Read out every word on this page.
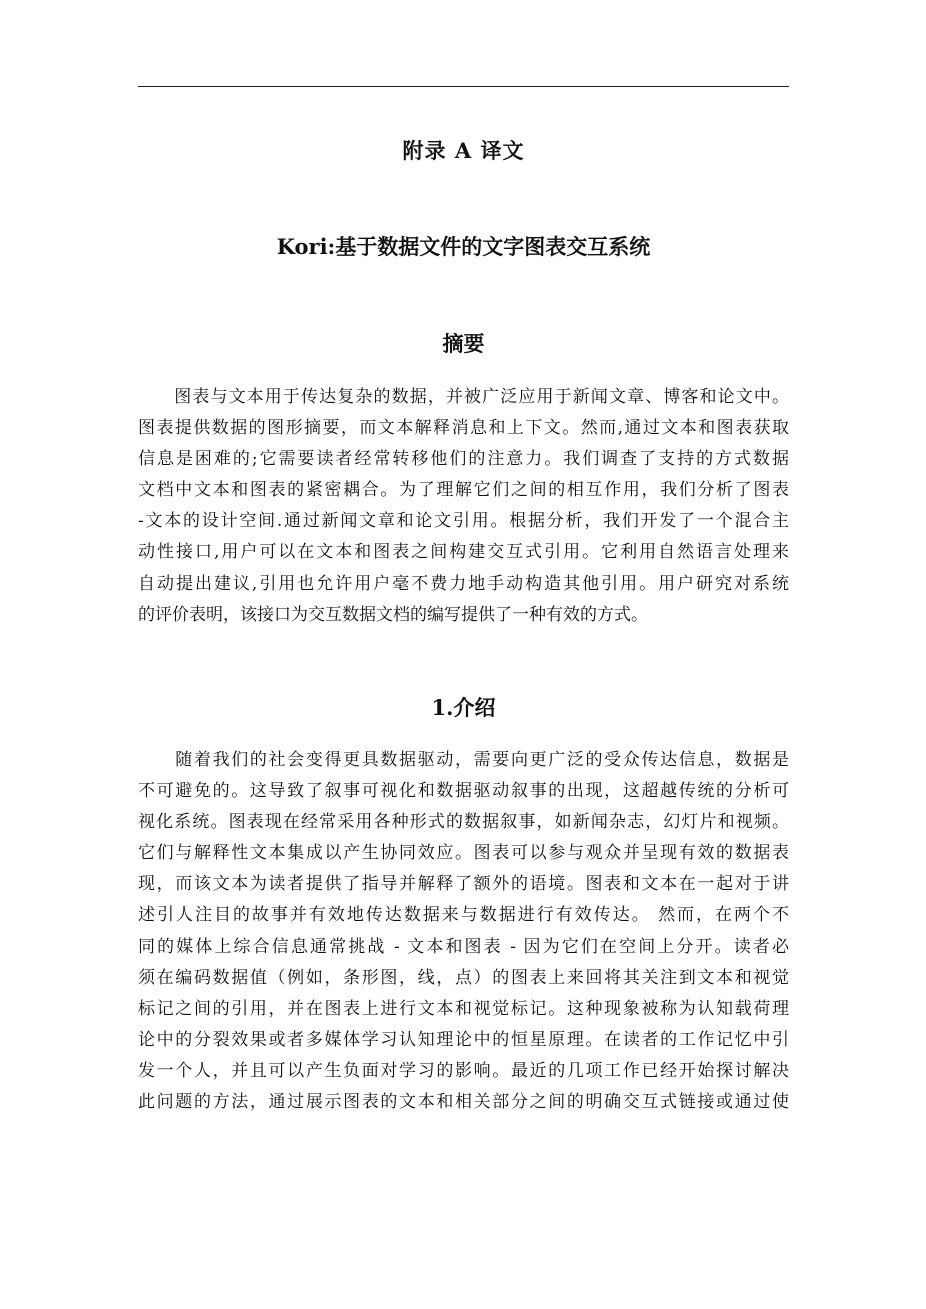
附录 A 译文
Kori:基于数据文件的文字图表交互系统
摘要
　　图表与文本用于传达复杂的数据，并被广泛应用于新闻文章、博客和论文中。
图表提供数据的图形摘要，而文本解释消息和上下文。然而,通过文本和图表获取
信息是困难的;它需要读者经常转移他们的注意力。我们调查了支持的方式数据
文档中文本和图表的紧密耦合。为了理解它们之间的相互作用，我们分析了图表
-文本的设计空间.通过新闻文章和论文引用。根据分析，我们开发了一个混合主
动性接口,用户可以在文本和图表之间构建交互式引用。它利用自然语言处理来
自动提出建议,引用也允许用户毫不费力地手动构造其他引用。用户研究对系统
的评价表明，该接口为交互数据文档的编写提供了一种有效的方式。
1.介绍
　　随着我们的社会变得更具数据驱动，需要向更广泛的受众传达信息，数据是
不可避免的。这导致了叙事可视化和数据驱动叙事的出现，这超越传统的分析可
视化系统。图表现在经常采用各种形式的数据叙事，如新闻杂志，幻灯片和视频。
它们与解释性文本集成以产生协同效应。图表可以参与观众并呈现有效的数据表
现，而该文本为读者提供了指导并解释了额外的语境。图表和文本在一起对于讲
述引人注目的故事并有效地传达数据来与数据进行有效传达。 然而，在两个不
同的媒体上综合信息通常挑战 - 文本和图表 - 因为它们在空间上分开。读者必
须在编码数据值（例如，条形图，线，点）的图表上来回将其关注到文本和视觉
标记之间的引用，并在图表上进行文本和视觉标记。这种现象被称为认知载荷理
论中的分裂效果或者多媒体学习认知理论中的恒星原理。在读者的工作记忆中引
发一个人，并且可以产生负面对学习的影响。最近的几项工作已经开始探讨解决
此问题的方法，通过展示图表的文本和相关部分之间的明确交互式链接或通过使
